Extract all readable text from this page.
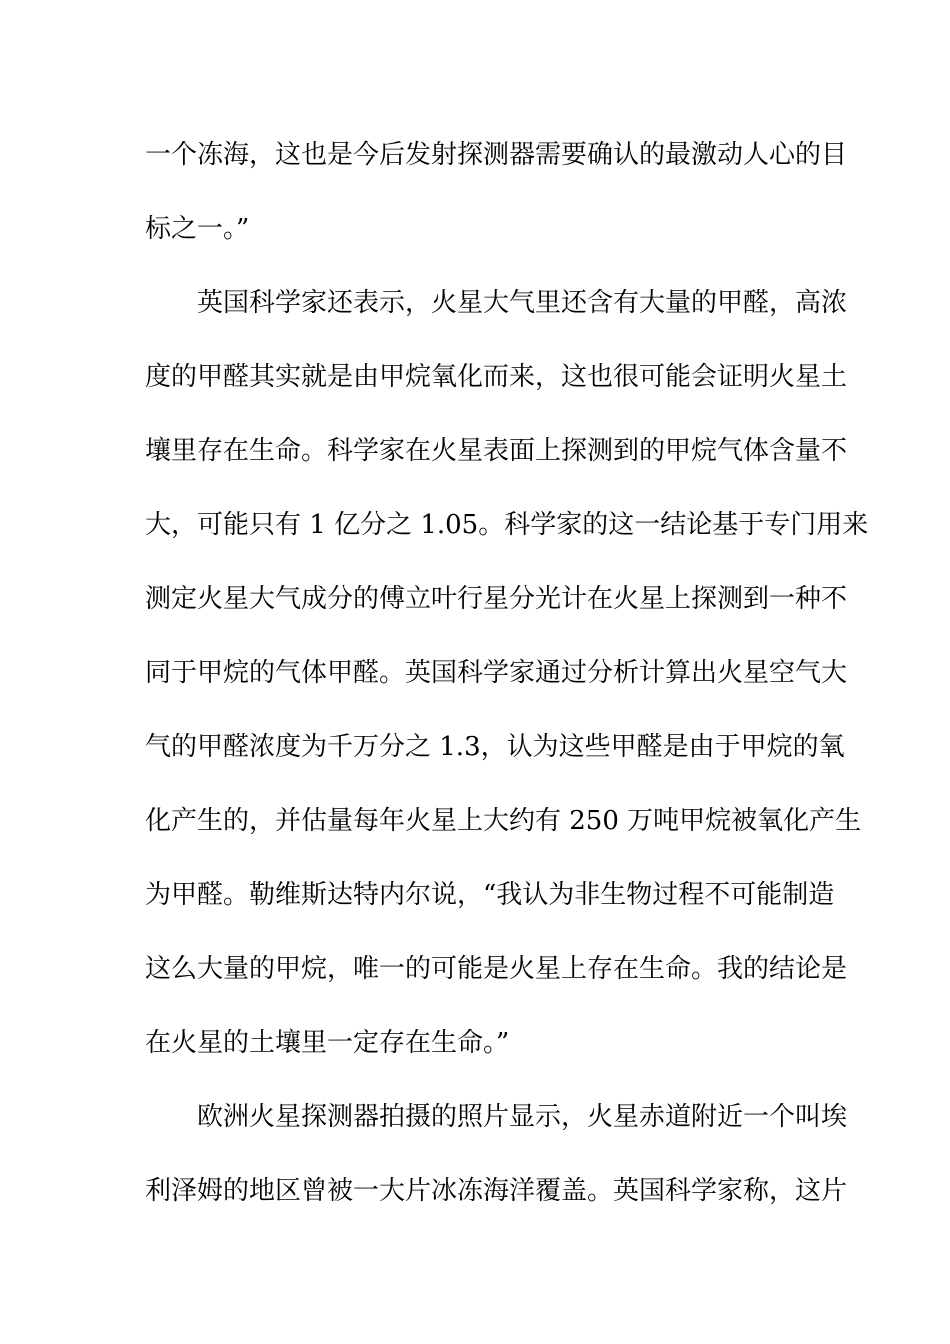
一个冻海，这也是今后发射探测器需要确认的最激动人心的目
标之一。”
英国科学家还表示，火星大气里还含有大量的甲醛，高浓
度的甲醛其实就是由甲烷氧化而来，这也很可能会证明火星土
壤里存在生命。科学家在火星表面上探测到的甲烷气体含量不
大，可能只有 1 亿分之 1.05。科学家的这一结论基于专门用来
测定火星大气成分的傅立叶行星分光计在火星上探测到一种不
同于甲烷的气体甲醛。英国科学家通过分析计算出火星空气大
气的甲醛浓度为千万分之 1.3，认为这些甲醛是由于甲烷的氧
化产生的，并估量每年火星上大约有 250 万吨甲烷被氧化产生
为甲醛。勒维斯达特内尔说，“我认为非生物过程不可能制造
这么大量的甲烷，唯一的可能是火星上存在生命。我的结论是
在火星的土壤里一定存在生命。”
欧洲火星探测器拍摄的照片显示，火星赤道附近一个叫埃
利泽姆的地区曾被一大片冰冻海洋覆盖。英国科学家称，这片
